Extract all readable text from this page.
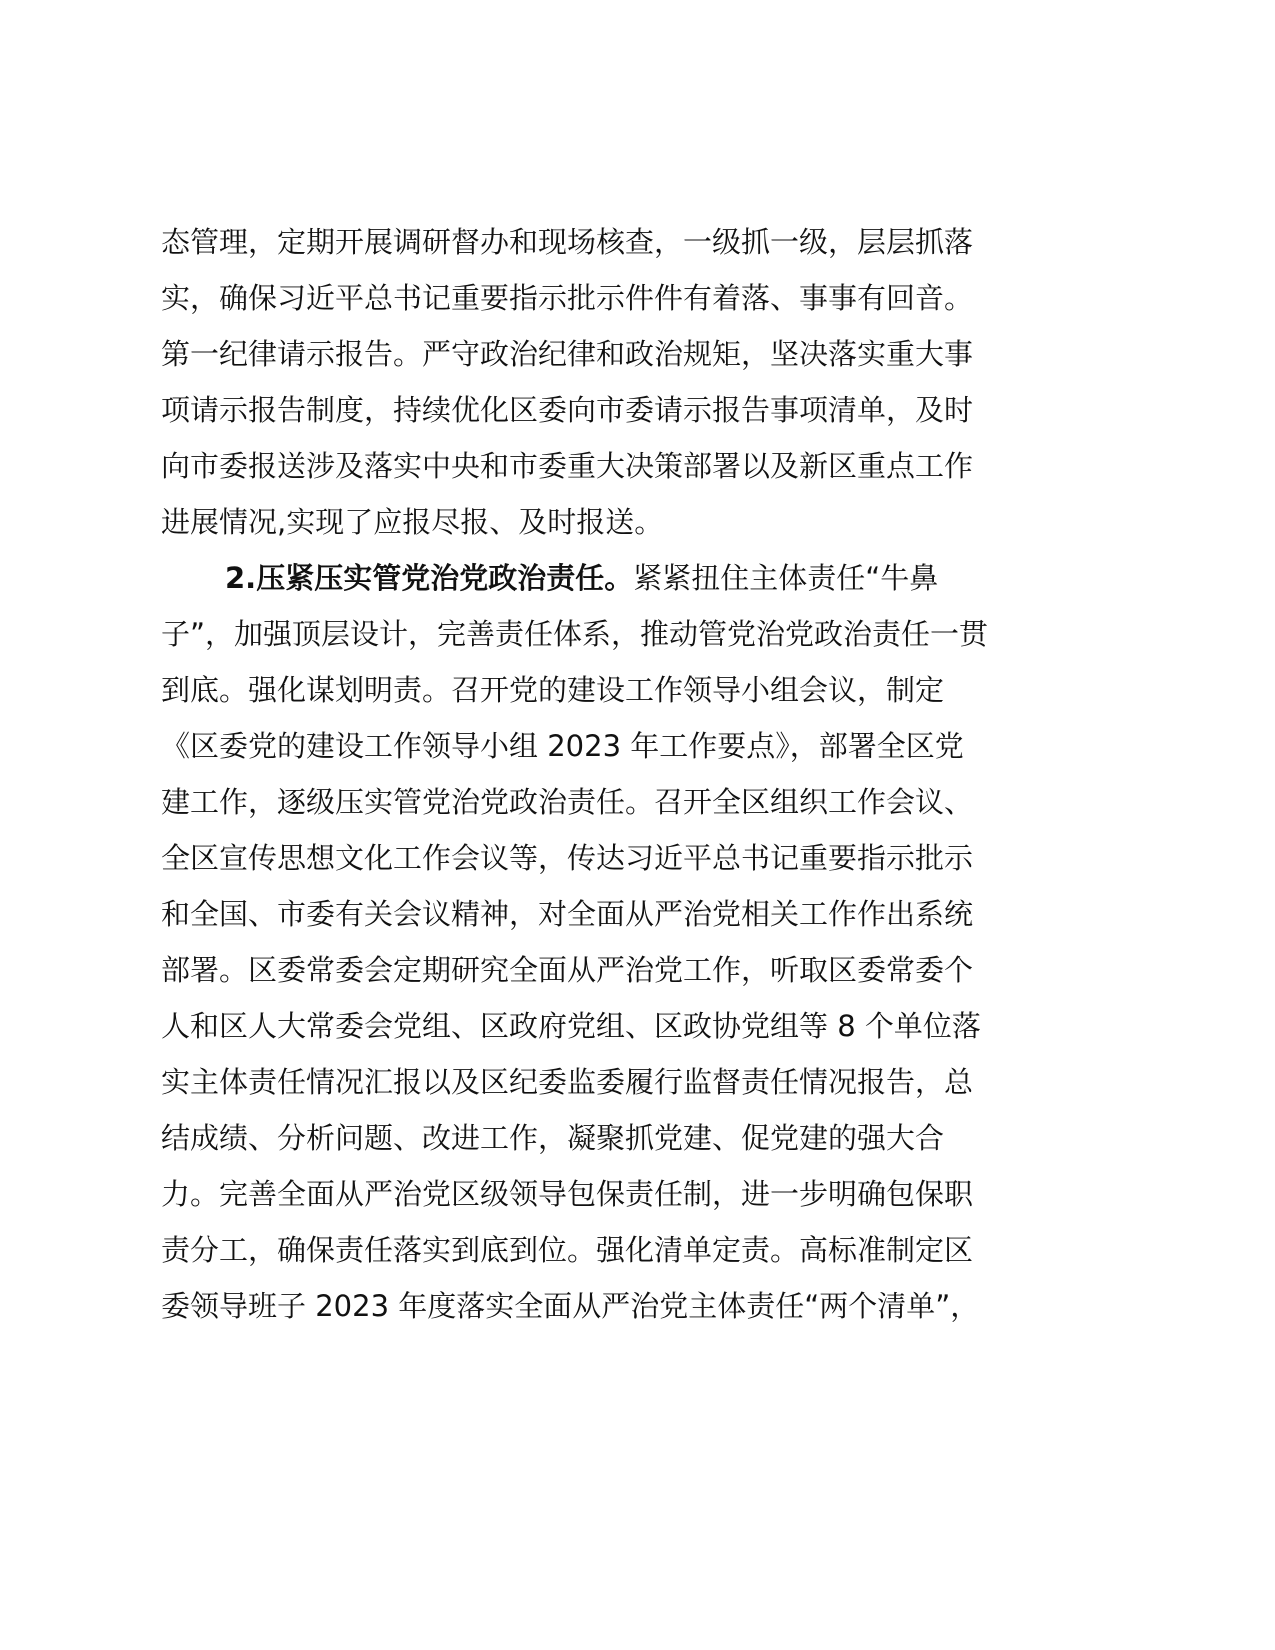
态管理，定期开展调研督办和现场核查，一级抓一级，层层抓落
实，确保习近平总书记重要指示批示件件有着落、事事有回音。
第一纪律请示报告。严守政治纪律和政治规矩，坚决落实重大事
项请示报告制度，持续优化区委向市委请示报告事项清单，及时
向市委报送涉及落实中央和市委重大决策部署以及新区重点工作
进展情况,实现了应报尽报、及时报送。
2.压紧压实管党治党政治责任。紧紧扭住主体责任“牛鼻
子”，加强顶层设计，完善责任体系，推动管党治党政治责任一贯
到底。强化谋划明责。召开党的建设工作领导小组会议，制定
《区委党的建设工作领导小组 2023 年工作要点》，部署全区党
建工作，逐级压实管党治党政治责任。召开全区组织工作会议、
全区宣传思想文化工作会议等，传达习近平总书记重要指示批示
和全国、市委有关会议精神，对全面从严治党相关工作作出系统
部署。区委常委会定期研究全面从严治党工作，听取区委常委个
人和区人大常委会党组、区政府党组、区政协党组等 8 个单位落
实主体责任情况汇报以及区纪委监委履行监督责任情况报告，总
结成绩、分析问题、改进工作，凝聚抓党建、促党建的强大合
力。完善全面从严治党区级领导包保责任制，进一步明确包保职
责分工，确保责任落实到底到位。强化清单定责。高标准制定区
委领导班子 2023 年度落实全面从严治党主体责任“两个清单”，
